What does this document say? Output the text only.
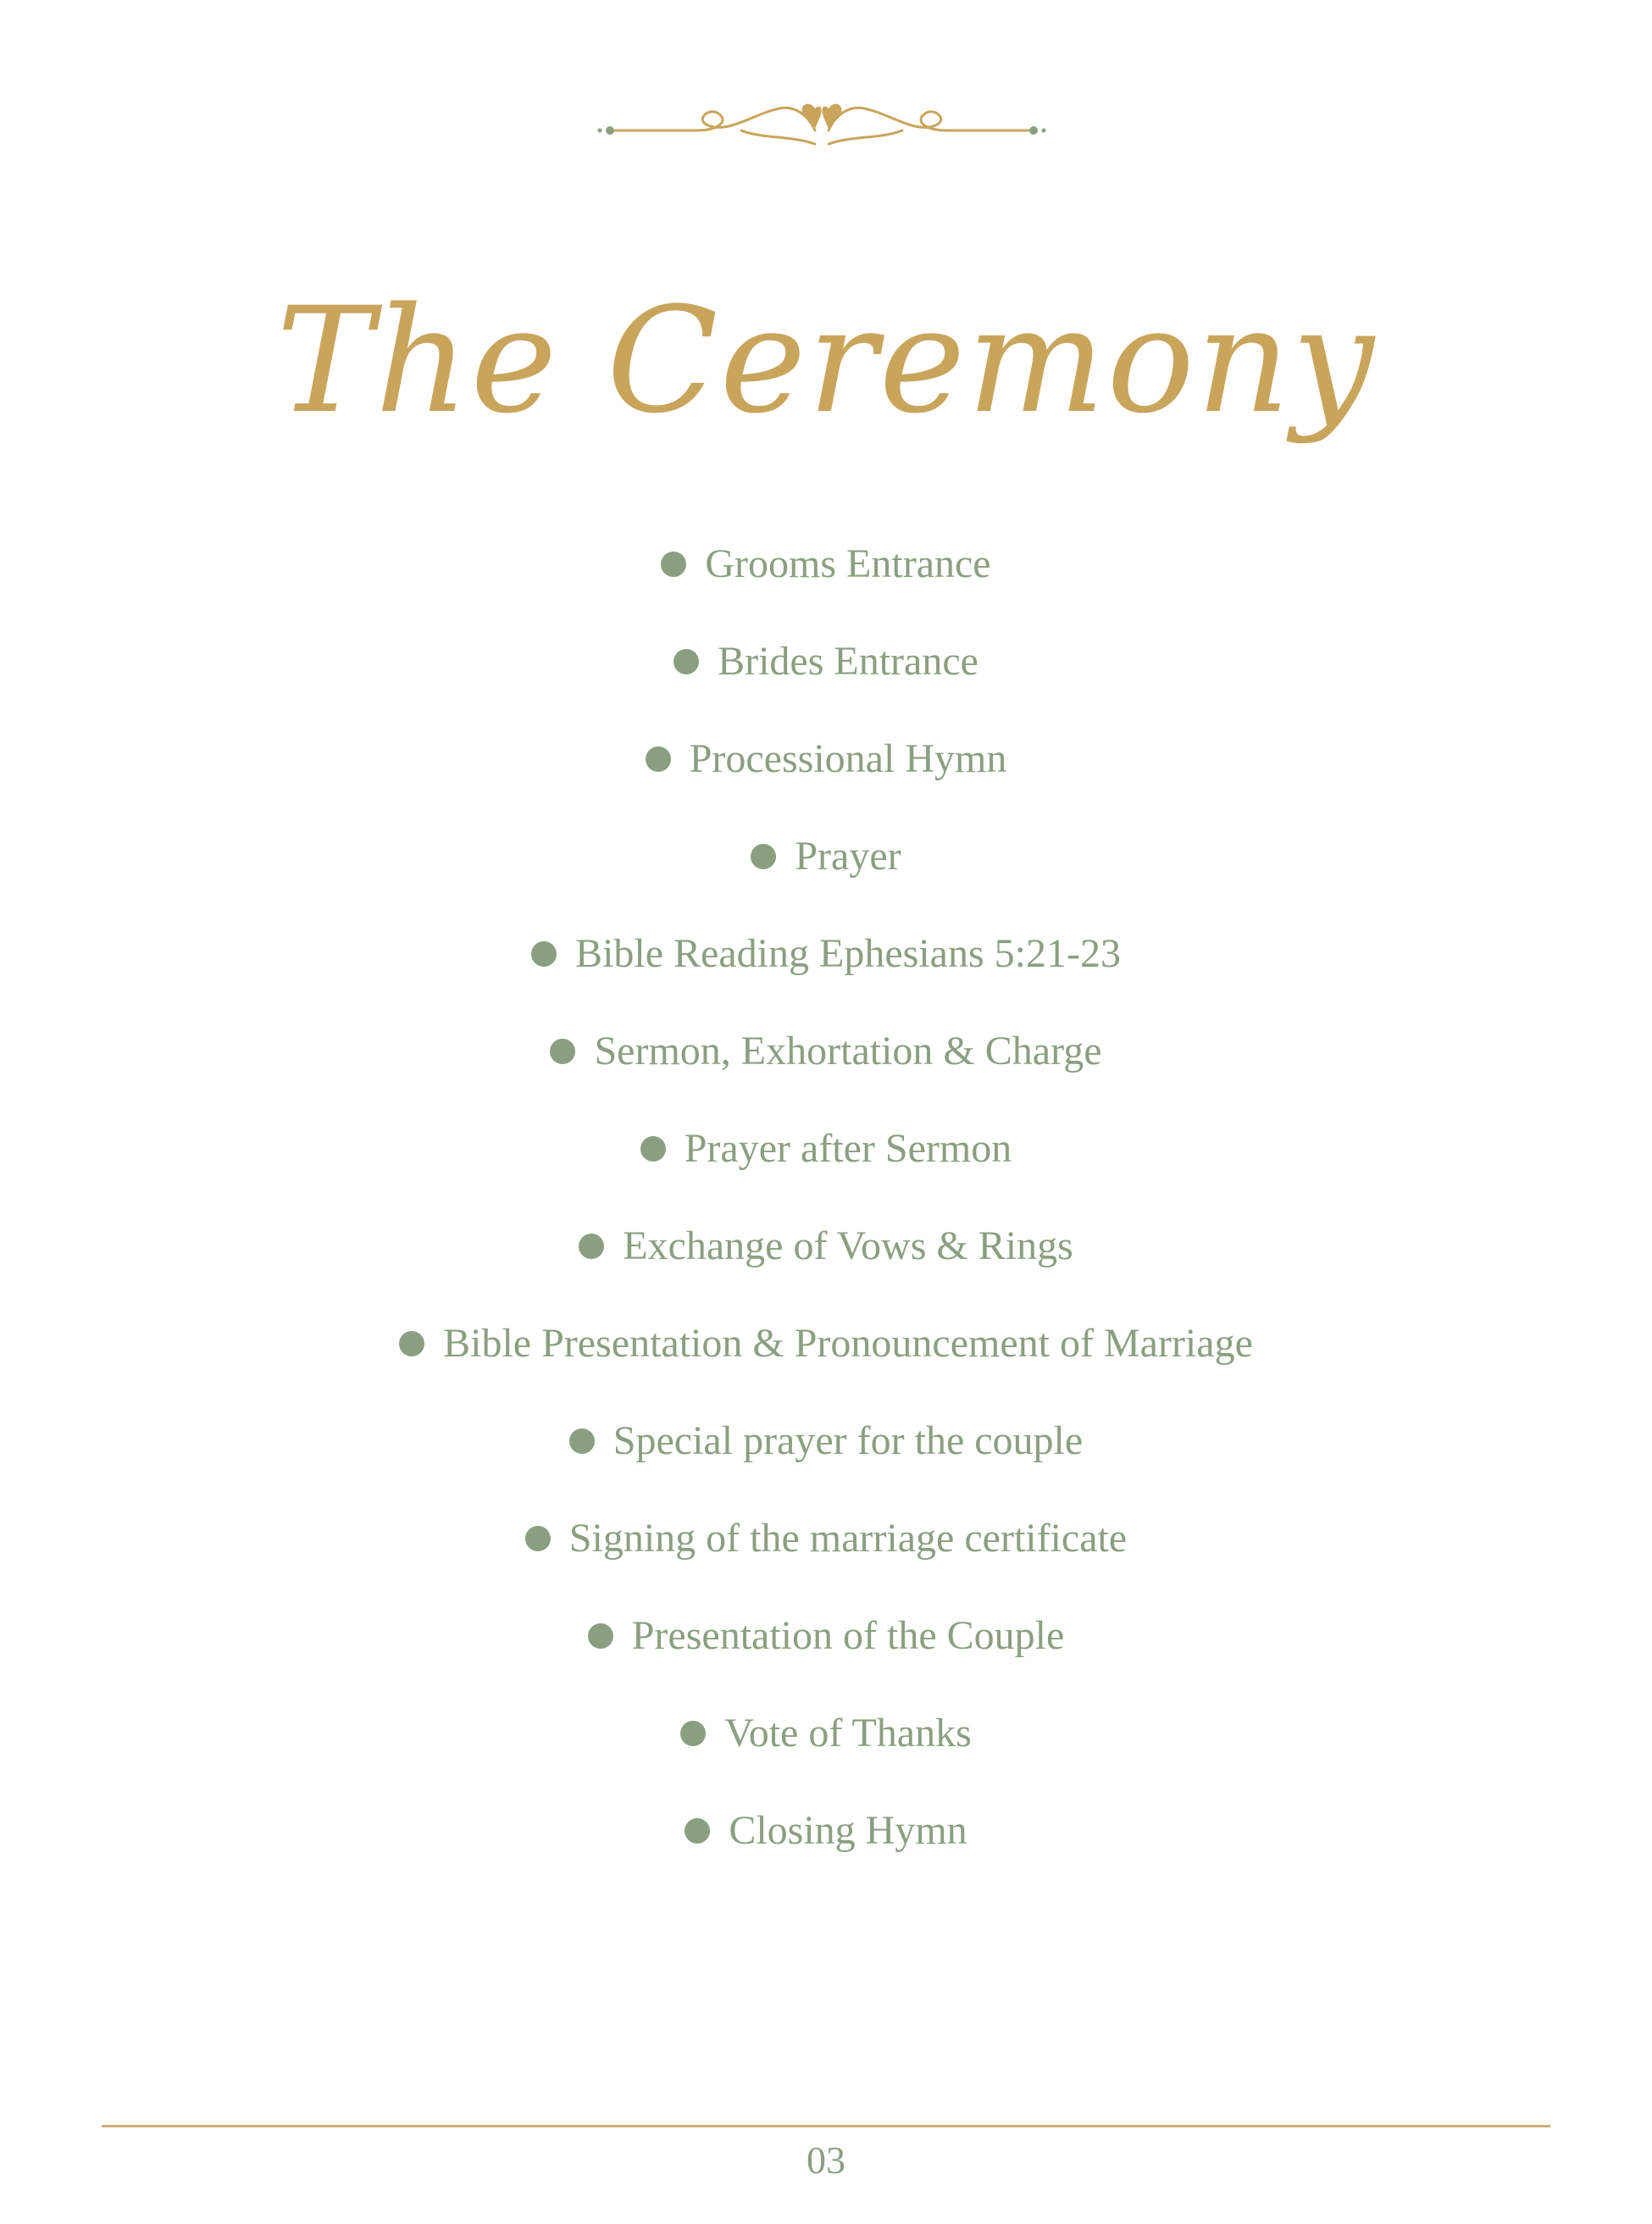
The Ceremony
Grooms Entrance
Brides Entrance
Processional Hymn
Prayer
Bible Reading Ephesians 5:21-23
Sermon, Exhortation & Charge
Prayer after Sermon
Exchange of Vows & Rings
Bible Presentation & Pronouncement of Marriage
Special prayer for the couple
Signing of the marriage certificate
Presentation of the Couple
Vote of Thanks
Closing Hymn
03
